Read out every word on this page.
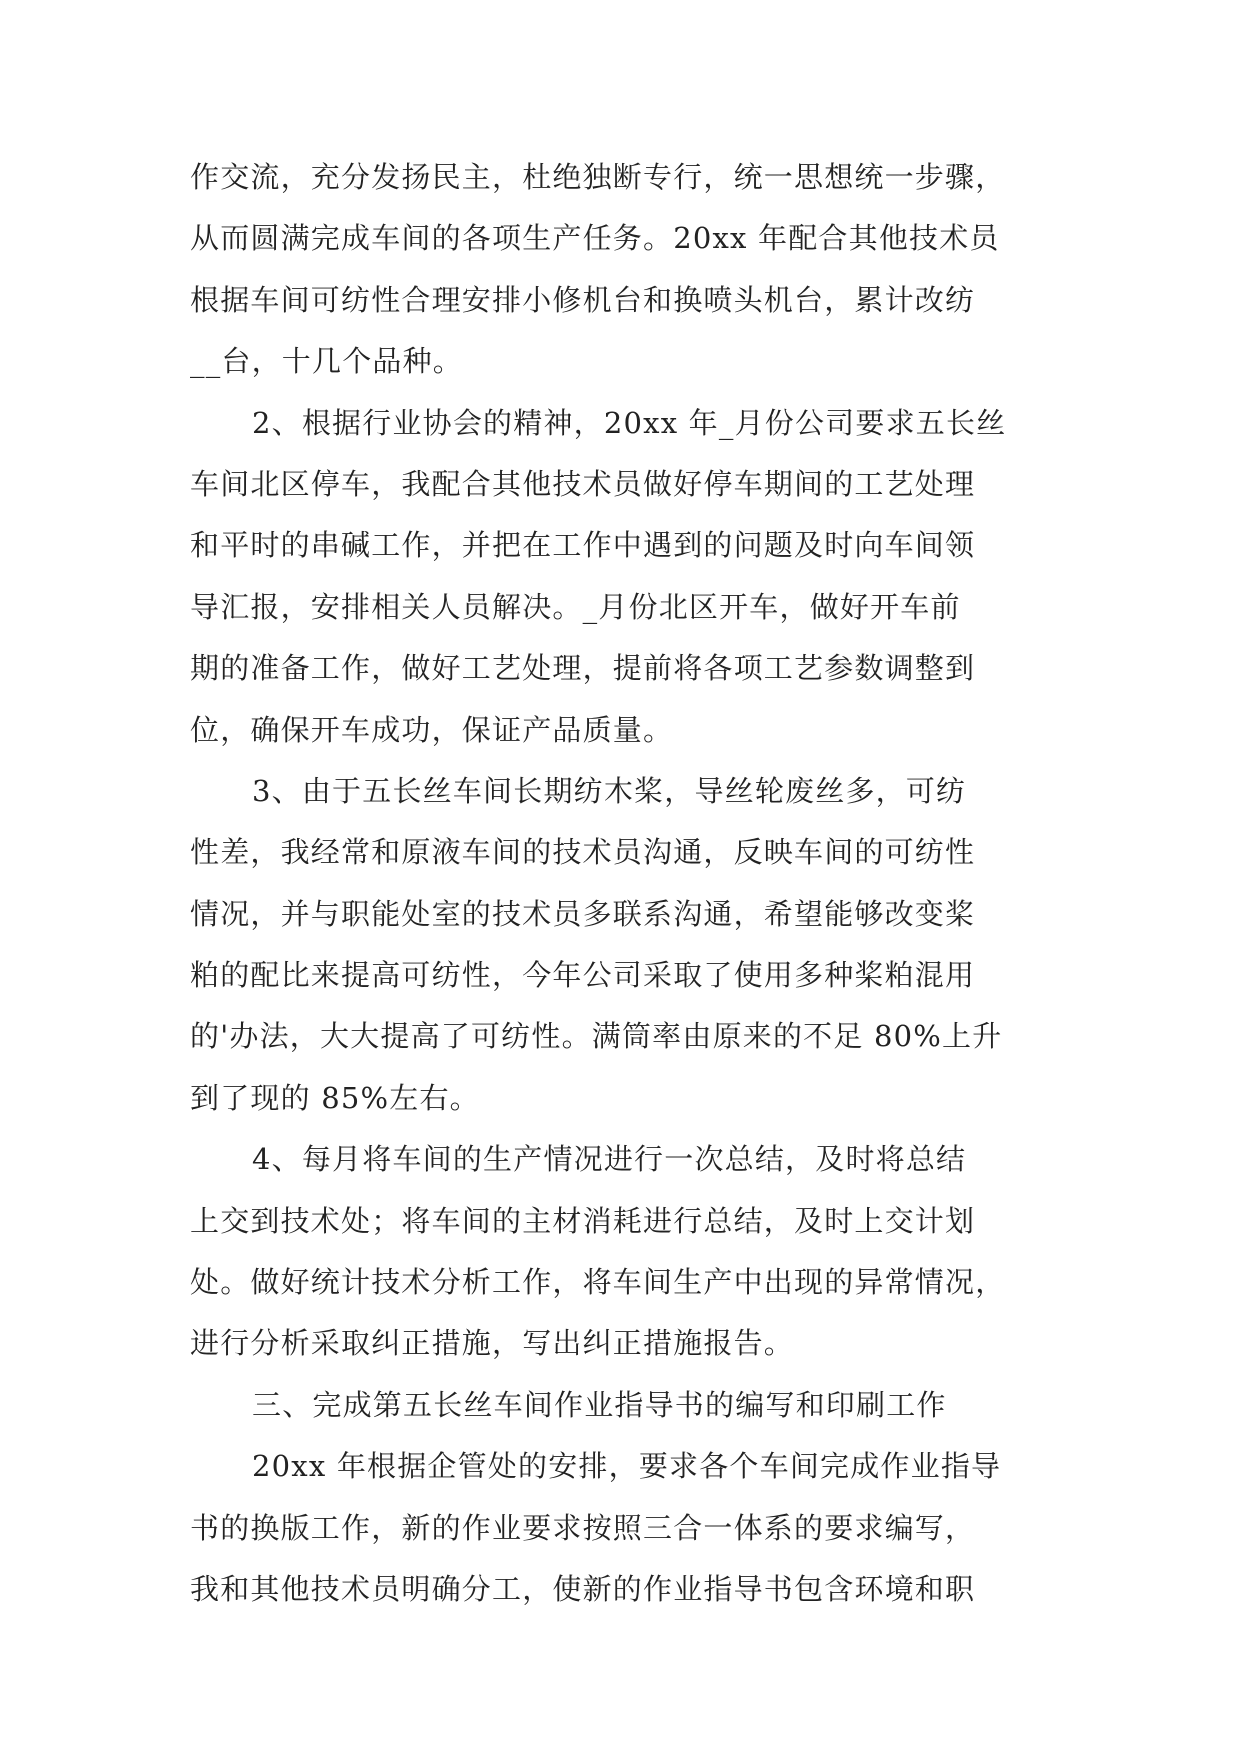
作交流，充分发扬民主，杜绝独断专行，统一思想统一步骤，
从而圆满完成车间的各项生产任务。20xx 年配合其他技术员
根据车间可纺性合理安排小修机台和换喷头机台，累计改纺
__台，十几个品种。
2、根据行业协会的精神，20xx 年_月份公司要求五长丝
车间北区停车，我配合其他技术员做好停车期间的工艺处理
和平时的串碱工作，并把在工作中遇到的问题及时向车间领
导汇报，安排相关人员解决。_月份北区开车，做好开车前
期的准备工作，做好工艺处理，提前将各项工艺参数调整到
位，确保开车成功，保证产品质量。
3、由于五长丝车间长期纺木桨，导丝轮废丝多，可纺
性差，我经常和原液车间的技术员沟通，反映车间的可纺性
情况，并与职能处室的技术员多联系沟通，希望能够改变桨
粕的配比来提高可纺性，今年公司采取了使用多种桨粕混用
的'办法，大大提高了可纺性。满筒率由原来的不足 80%上升
到了现的 85%左右。
4、每月将车间的生产情况进行一次总结，及时将总结
上交到技术处；将车间的主材消耗进行总结，及时上交计划
处。做好统计技术分析工作，将车间生产中出现的异常情况，
进行分析采取纠正措施，写出纠正措施报告。
三、完成第五长丝车间作业指导书的编写和印刷工作
20xx 年根据企管处的安排，要求各个车间完成作业指导
书的换版工作，新的作业要求按照三合一体系的要求编写，
我和其他技术员明确分工，使新的作业指导书包含环境和职
